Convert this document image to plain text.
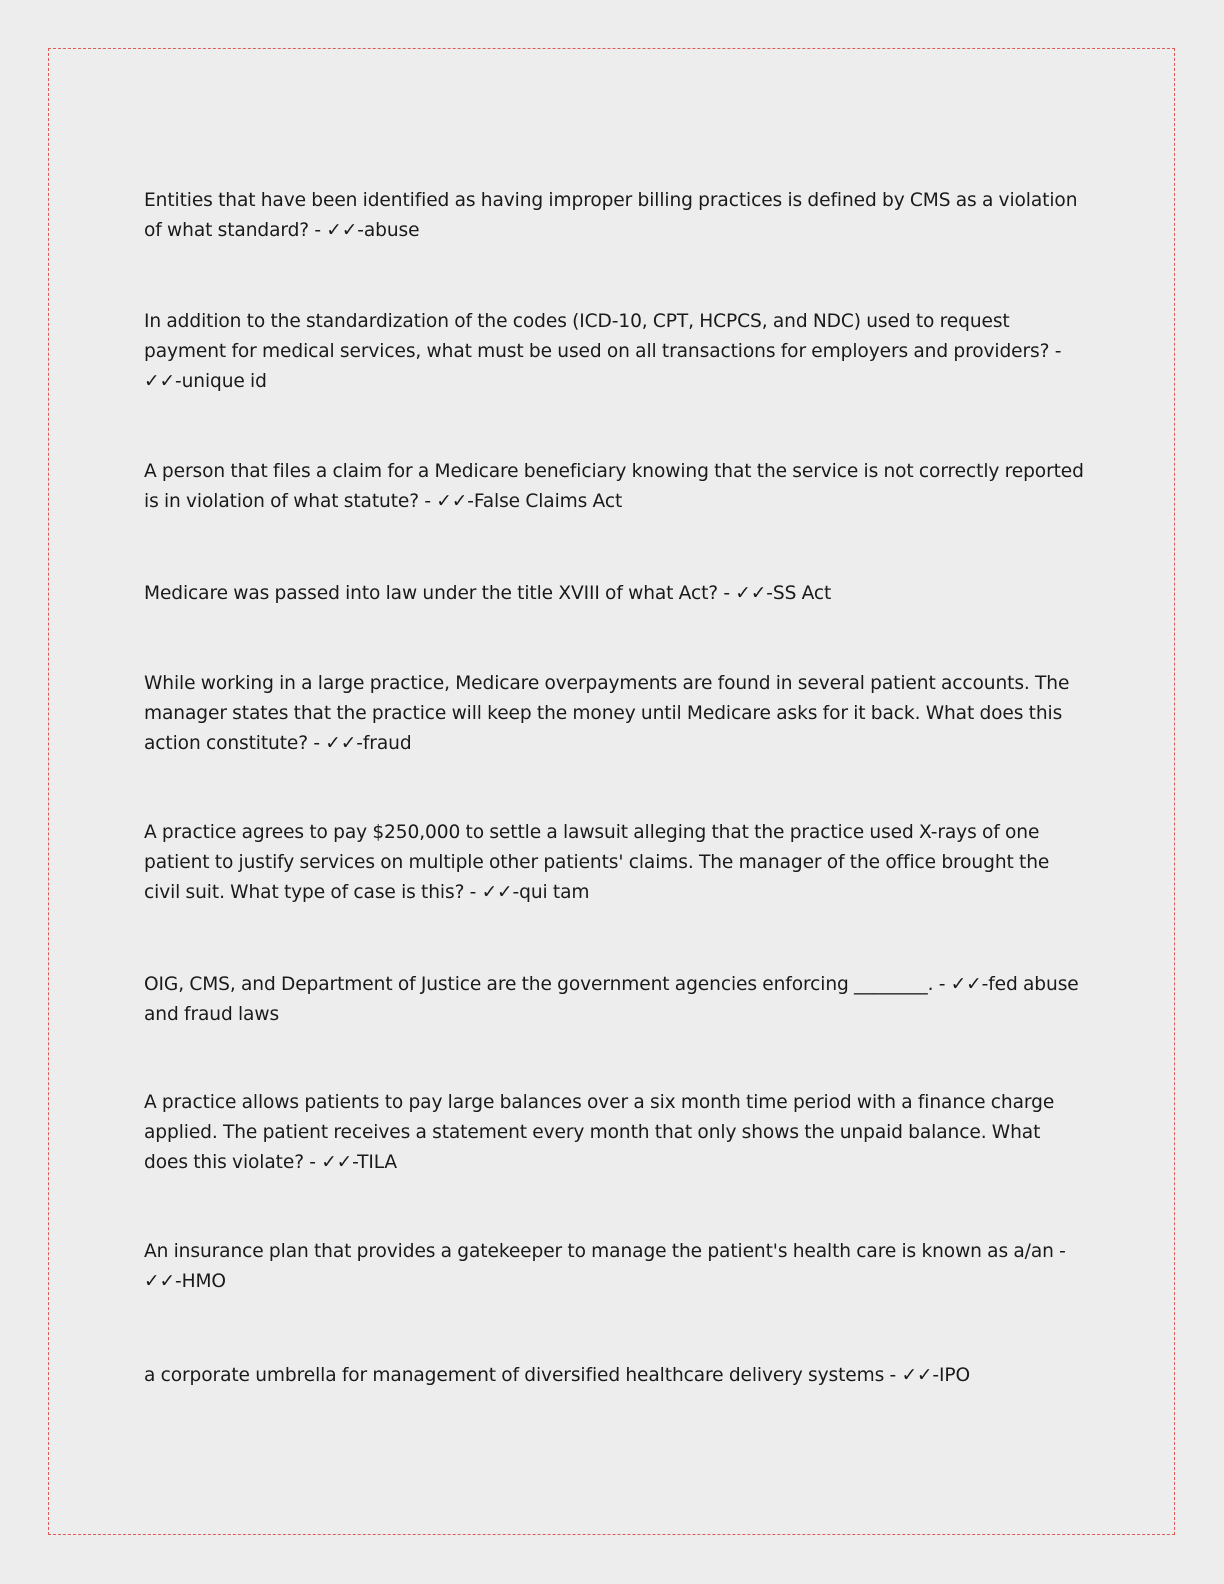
Entities that have been identified as having improper billing practices is defined by CMS as a violation of what standard? - ✓✓-abuse
In addition to the standardization of the codes (ICD-10, CPT, HCPCS, and NDC) used to request payment for medical services, what must be used on all transactions for employers and providers? - ✓✓-unique id
A person that files a claim for a Medicare beneficiary knowing that the service is not correctly reported is in violation of what statute? - ✓✓-False Claims Act
Medicare was passed into law under the title XVIII of what Act? - ✓✓-SS Act
While working in a large practice, Medicare overpayments are found in several patient accounts. The manager states that the practice will keep the money until Medicare asks for it back. What does this action constitute? - ✓✓-fraud
A practice agrees to pay $250,000 to settle a lawsuit alleging that the practice used X-rays of one patient to justify services on multiple other patients' claims. The manager of the office brought the civil suit. What type of case is this? - ✓✓-qui tam
OIG, CMS, and Department of Justice are the government agencies enforcing ________. - ✓✓-fed abuse and fraud laws
A practice allows patients to pay large balances over a six month time period with a finance charge applied. The patient receives a statement every month that only shows the unpaid balance. What does this violate? - ✓✓-TILA
An insurance plan that provides a gatekeeper to manage the patient's health care is known as a/an - ✓✓-HMO
a corporate umbrella for management of diversified healthcare delivery systems - ✓✓-IPO
